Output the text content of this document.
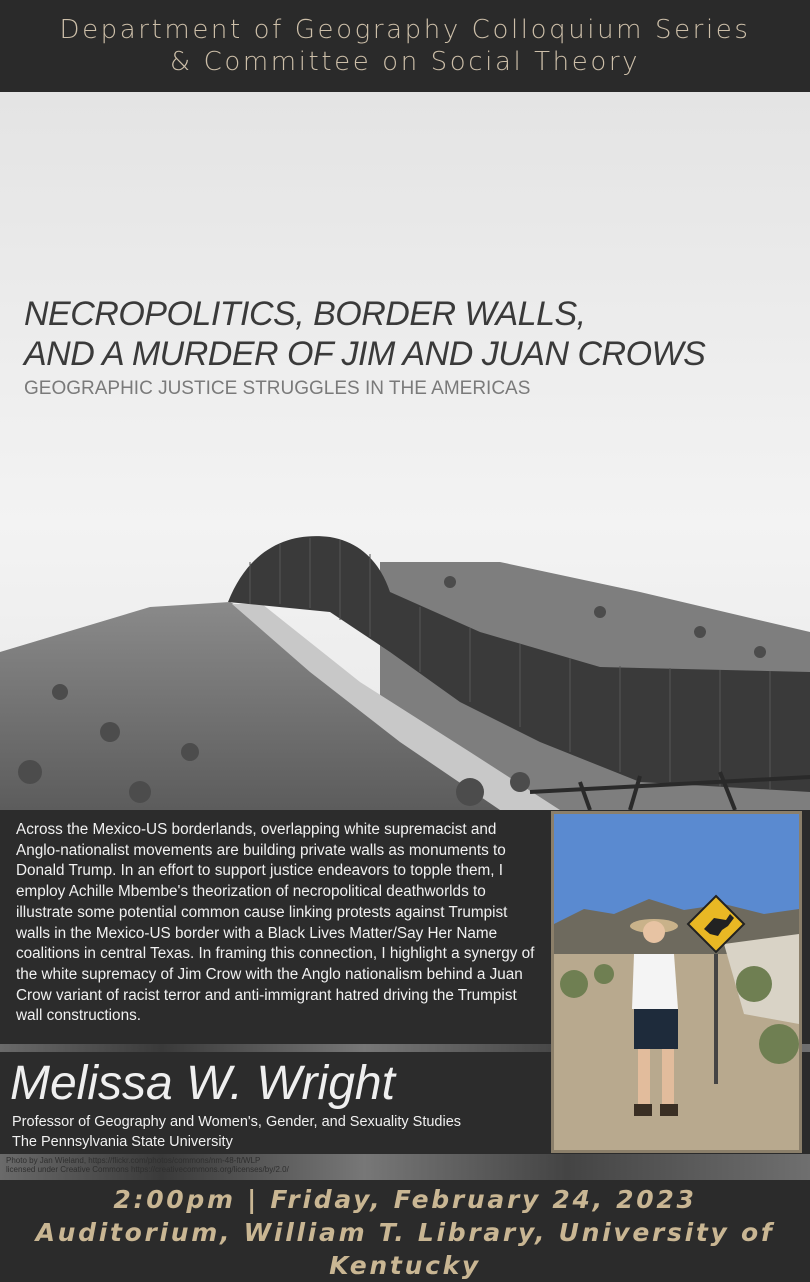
Department of Geography Colloquium Series
& Committee on Social Theory
NECROPOLITICS, BORDER WALLS,
AND A MURDER OF JIM AND JUAN CROWS
GEOGRAPHIC JUSTICE STRUGGLES IN THE AMERICAS
Across the Mexico-US borderlands, overlapping white supremacist and Anglo-nationalist movements are building private walls as monuments to Donald Trump. In an effort to support justice endeavors to topple them, I employ Achille Mbembe's theorization of necropolitical deathworlds to illustrate some potential common cause linking protests against Trumpist walls in the Mexico-US border with a Black Lives Matter/Say Her Name coalitions in central Texas. In framing this connection, I highlight a synergy of the white supremacy of Jim Crow with the Anglo nationalism behind a Juan Crow variant of racist terror and anti-immigrant hatred driving the Trumpist wall constructions.
Melissa W. Wright
Professor of Geography and Women's, Gender, and Sexuality Studies
The Pennsylvania State University
Photo by Jan Wieland, https://flickr.com/photos/commons/nm-48-ft/WLP
licensed under Creative Commons https://creativecommons.org/licenses/by/2.0/
2:00pm | Friday, February 24, 2023
Auditorium, William T. Library, University of Kentucky
